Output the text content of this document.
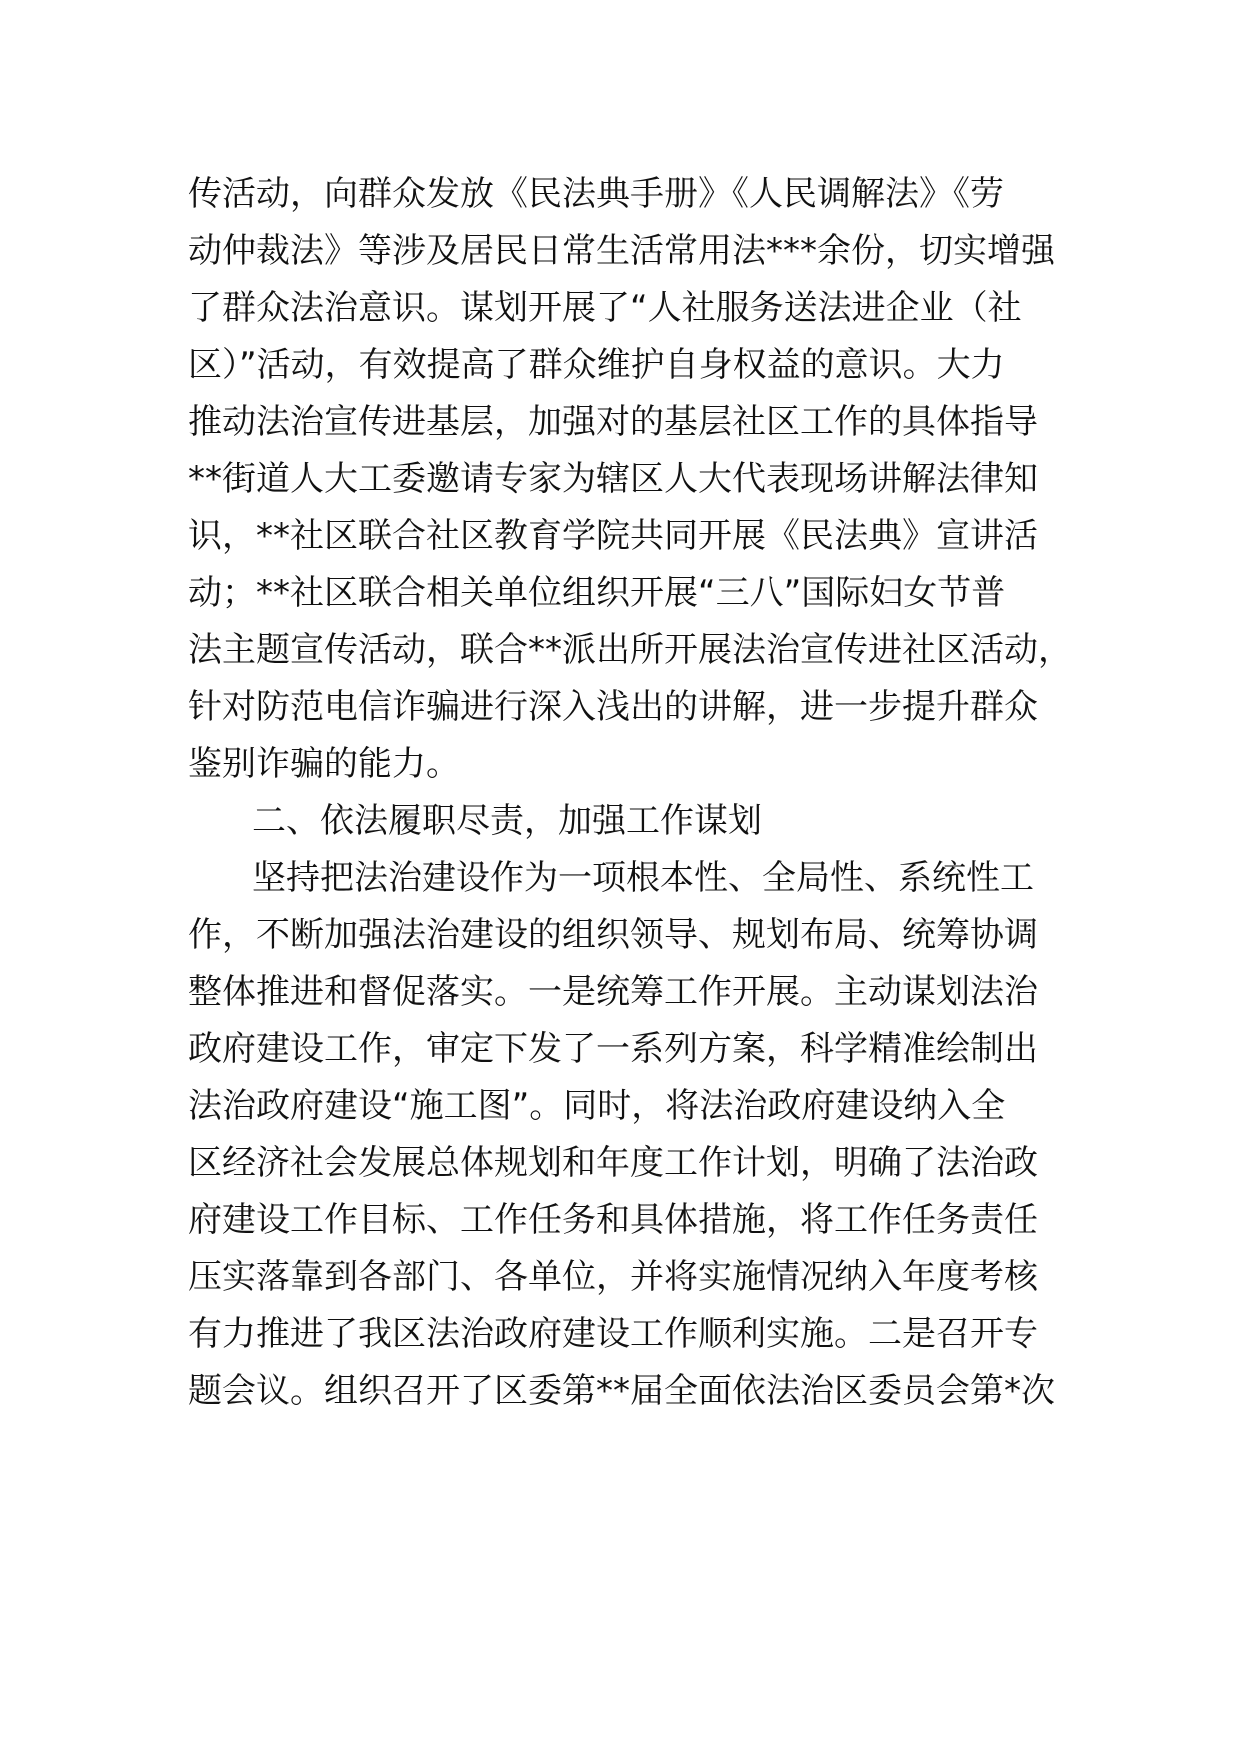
传活动，向群众发放《民法典手册》《人民调解法》《劳
动仲裁法》等涉及居民日常生活常用法***余份，切实增强
了群众法治意识。谋划开展了“人社服务送法进企业（社
区）”活动，有效提高了群众维护自身权益的意识。大力
推动法治宣传进基层，加强对的基层社区工作的具体指导
**街道人大工委邀请专家为辖区人大代表现场讲解法律知
识，**社区联合社区教育学院共同开展《民法典》宣讲活
动；**社区联合相关单位组织开展“三八”国际妇女节普
法主题宣传活动，联合**派出所开展法治宣传进社区活动，
针对防范电信诈骗进行深入浅出的讲解，进一步提升群众
鉴别诈骗的能力。
二、依法履职尽责，加强工作谋划
坚持把法治建设作为一项根本性、全局性、系统性工
作，不断加强法治建设的组织领导、规划布局、统筹协调
整体推进和督促落实。一是统筹工作开展。主动谋划法治
政府建设工作，审定下发了一系列方案，科学精准绘制出
法治政府建设“施工图”。同时，将法治政府建设纳入全
区经济社会发展总体规划和年度工作计划，明确了法治政
府建设工作目标、工作任务和具体措施，将工作任务责任
压实落靠到各部门、各单位，并将实施情况纳入年度考核
有力推进了我区法治政府建设工作顺利实施。二是召开专
题会议。组织召开了区委第**届全面依法治区委员会第*次
